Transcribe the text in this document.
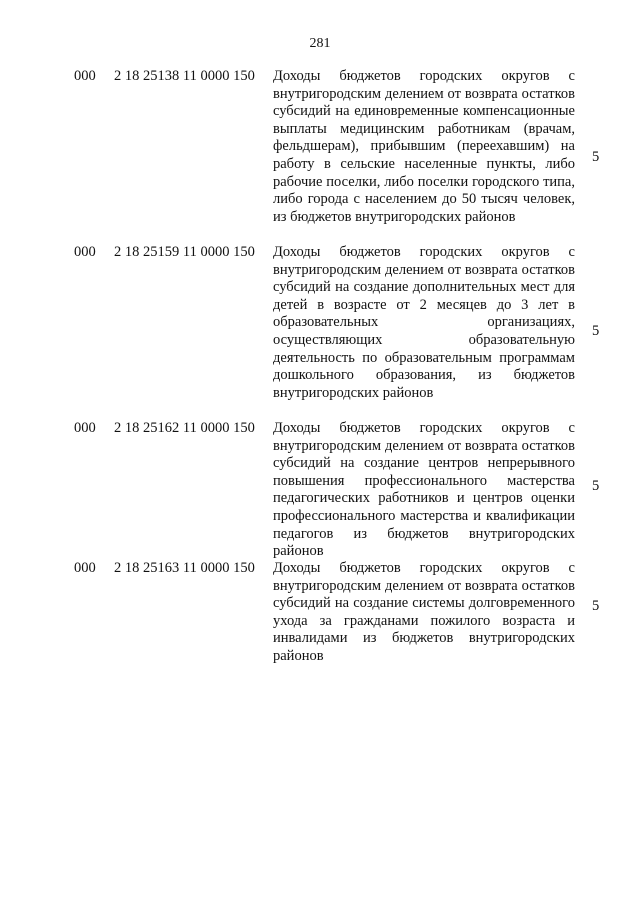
281
000 2 18 25138 11 0000 150 Доходы бюджетов городских округов с внутригородским делением от возврата остатков субсидий на единовременные компенсационные выплаты медицинским работникам (врачам, фельдшерам), прибывшим (переехавшим) на работу в сельские населенные пункты, либо рабочие поселки, либо поселки городского типа, либо города с населением до 50 тысяч человек, из бюджетов внутригородских районов
5
000 2 18 25159 11 0000 150 Доходы бюджетов городских округов с внутригородским делением от возврата остатков субсидий на создание дополнительных мест для детей в возрасте от 2 месяцев до 3 лет в образовательных организациях, осуществляющих образовательную деятельность по образовательным программам дошкольного образования, из бюджетов внутригородских районов
5
000 2 18 25162 11 0000 150 Доходы бюджетов городских округов с внутригородским делением от возврата остатков субсидий на создание центров непрерывного повышения профессионального мастерства педагогических работников и центров оценки профессионального мастерства и квалификации педагогов из бюджетов внутригородских районов
5
000 2 18 25163 11 0000 150 Доходы бюджетов городских округов с внутригородским делением от возврата остатков субсидий на создание системы долговременного ухода за гражданами пожилого возраста и инвалидами из бюджетов внутригородских районов
5
